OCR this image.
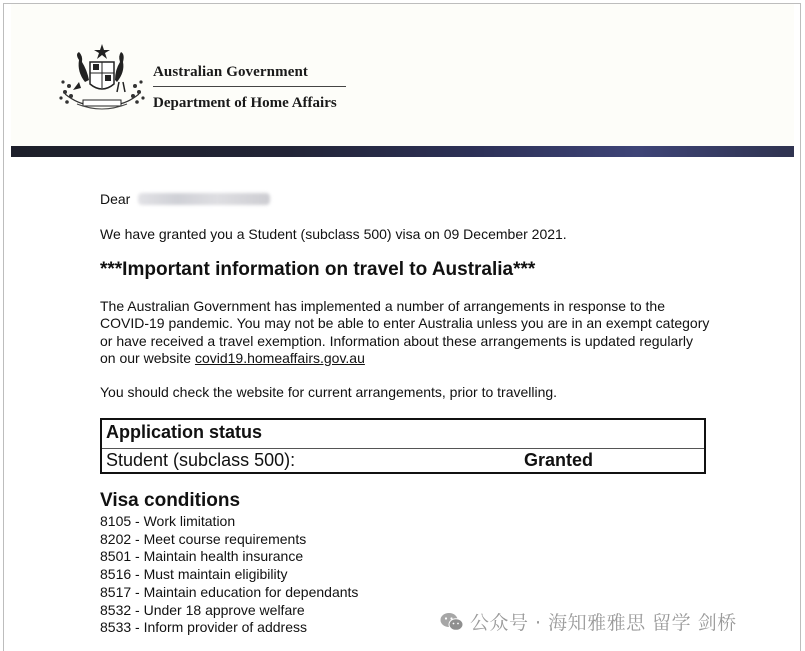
Australian Government
Department of Home Affairs
Dear
We have granted you a Student (subclass 500) visa on 09 December 2021.
***Important information on travel to Australia***
The Australian Government has implemented a number of arrangements in response to the COVID-19 pandemic. You may not be able to enter Australia unless you are in an exempt category or have received a travel exemption. Information about these arrangements is updated regularly on our website covid19.homeaffairs.gov.au
You should check the website for current arrangements, prior to travelling.
Application status
Student (subclass 500):	Granted
Visa conditions
8105 - Work limitation
8202 - Meet course requirements
8501 - Maintain health insurance
8516 - Must maintain eligibility
8517 - Maintain education for dependants
8532 - Under 18 approve welfare
8533 - Inform provider of address	公众号 · 海知雅雅思 留学 剑桥
